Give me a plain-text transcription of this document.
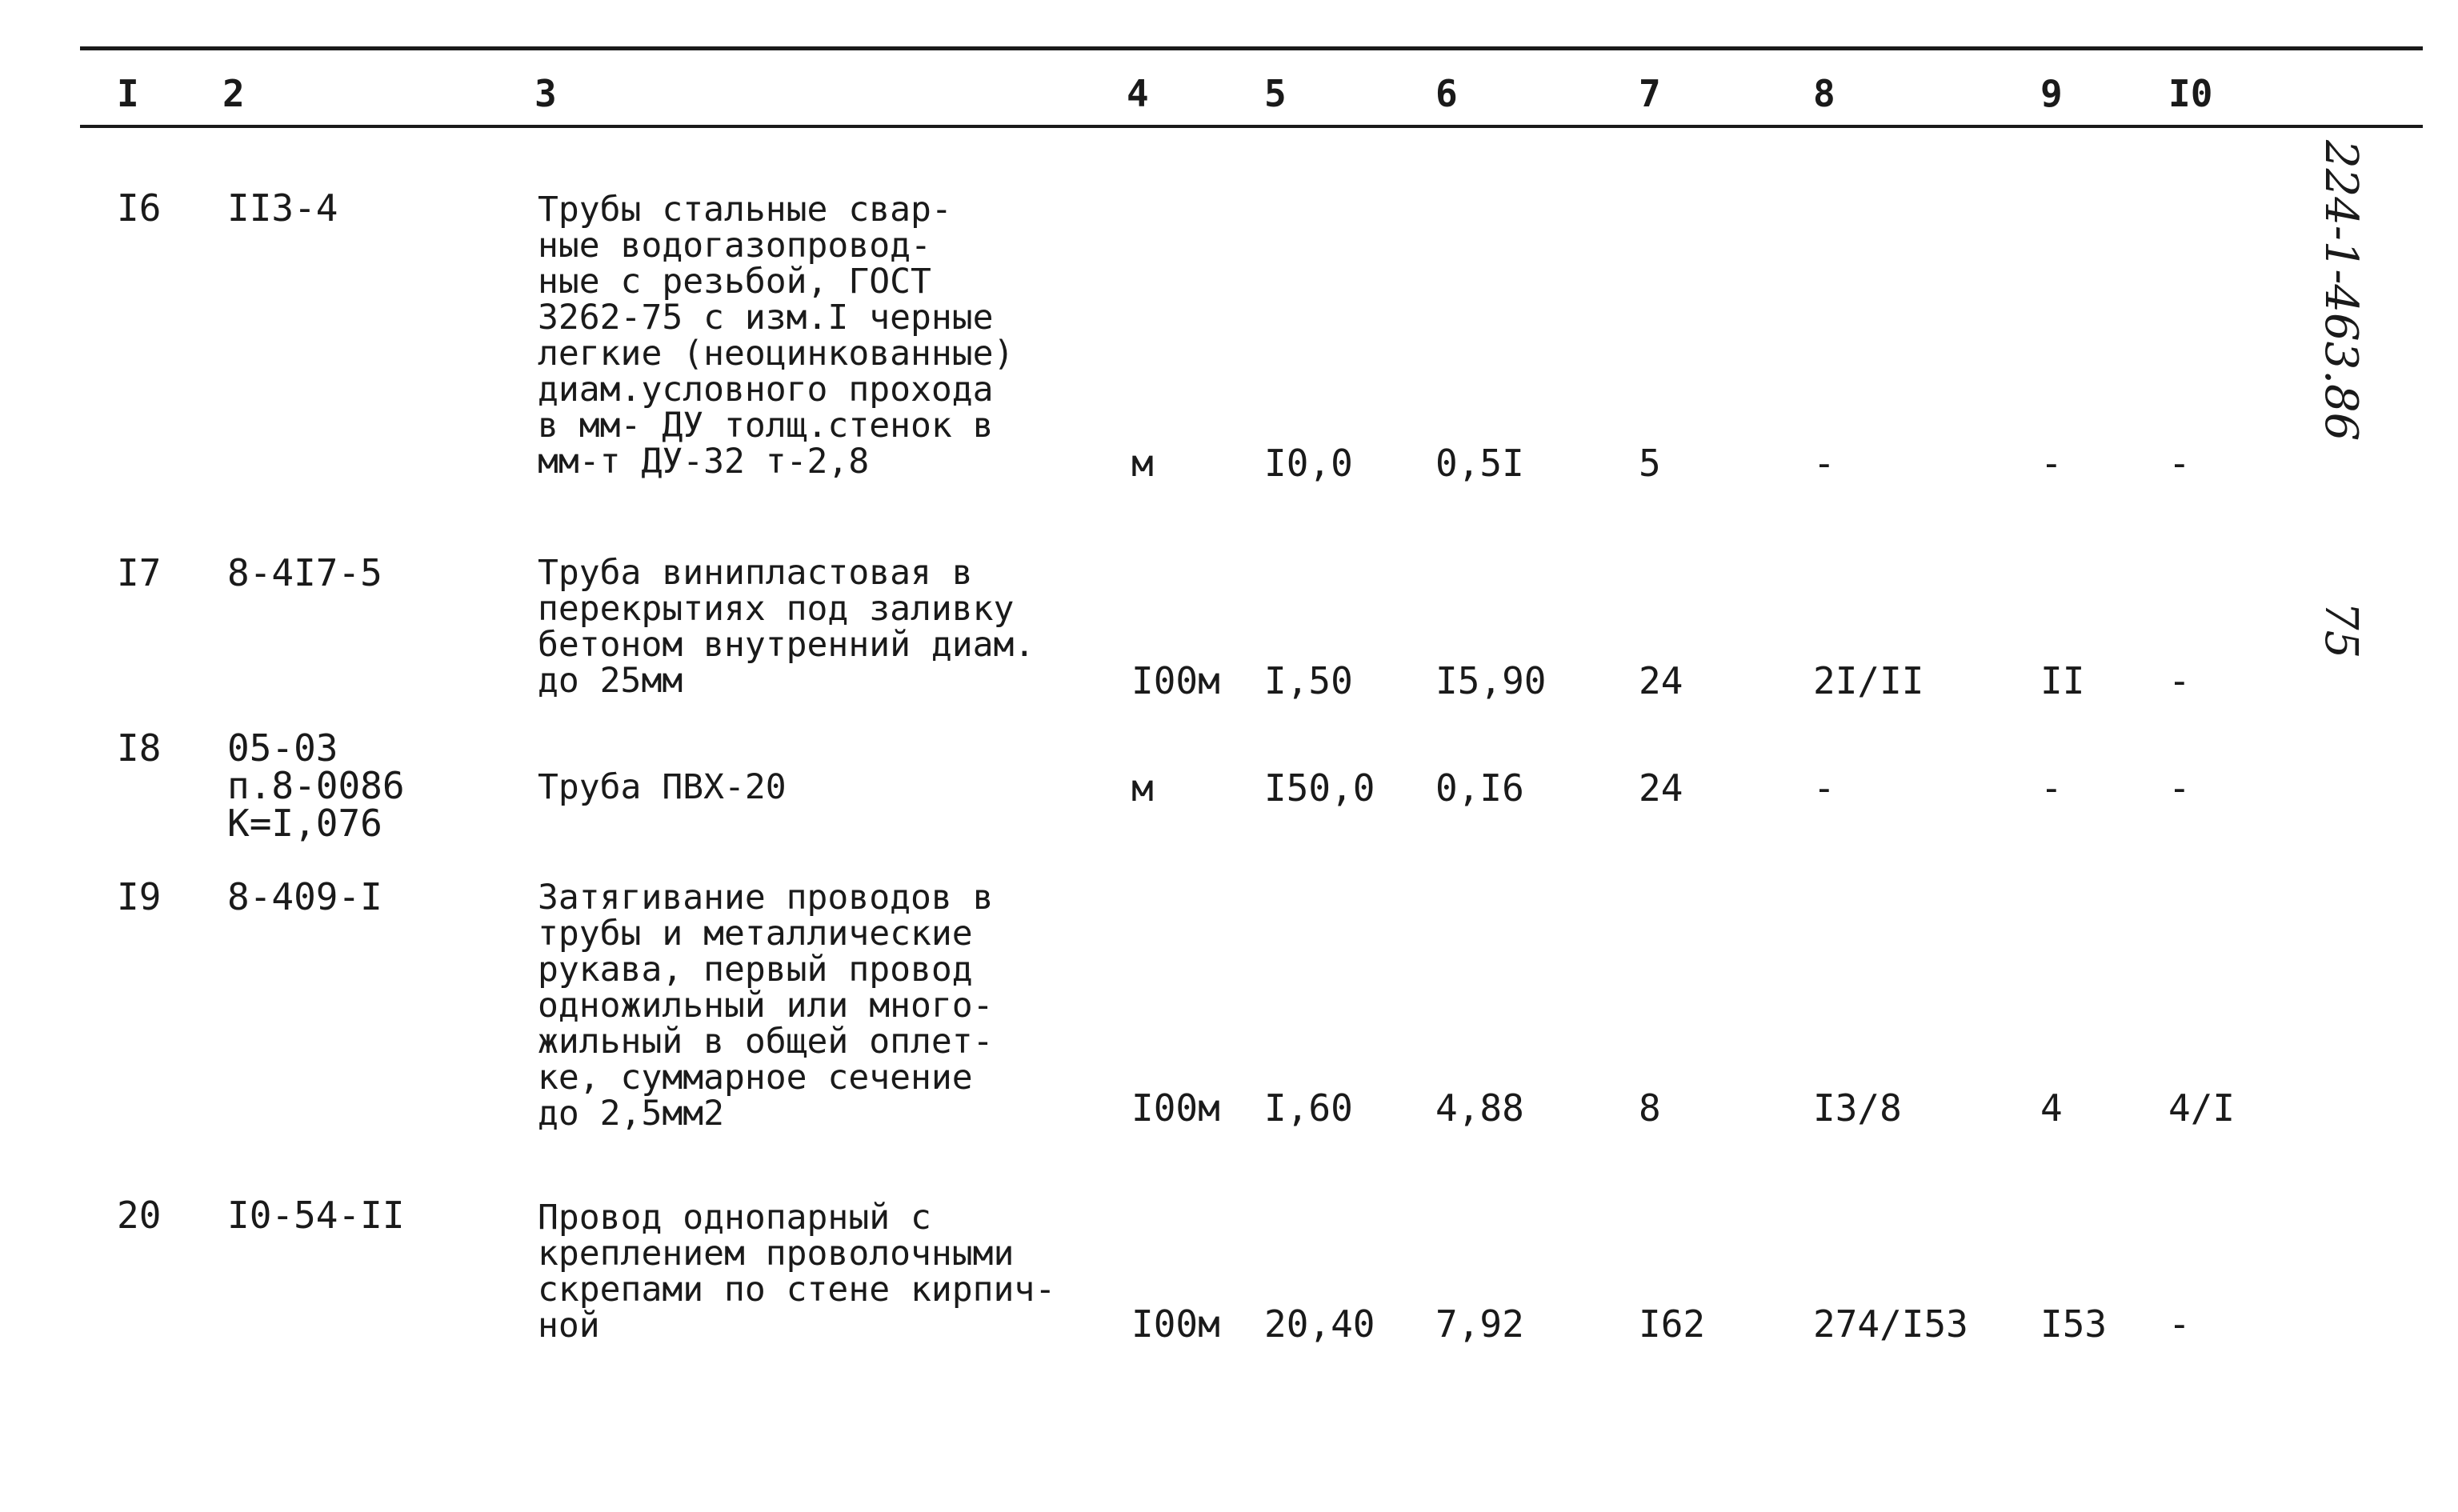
I 2	3	4	5	6	7	8	9	I0
224-1-463.86
75
I6 II3-4	Трубы стальные свар-
ные водогазопровод-
ные с резьбой, ГОСТ
3262-75 с изм.I черные
легкие (неоцинкованные)
диам.условного прохода
в мм- ДУ толщ.стенок в
мм-т ДУ-32 т-2,8	м	I0,0 0,5I	5	-	-	-
I7 8-4I7-5	Труба винипластовая в
перекрытиях под заливку
бетоном внутренний диам.
до 25мм	I00м I,50 I5,90	24	2I/II	II -
I8 05-03
п.8-0086
К=I,076
Труба ПВХ-20	м	I50,0 0,I6	24	-	-	-
I9 8-409-I	Затягивание проводов в
трубы и металлические
рукава, первый провод
одножильный или много-
жильный в общей оплет-
ке, суммарное сечение
до 2,5мм2	I00м I,60 4,88	8	I3/8	4	4/I
20 I0-54-II	Провод однопарный с
креплением проволочными
скрепами по стене кирпич-
ной	I00м 20,40 7,92	I62	274/I53 I53 -
